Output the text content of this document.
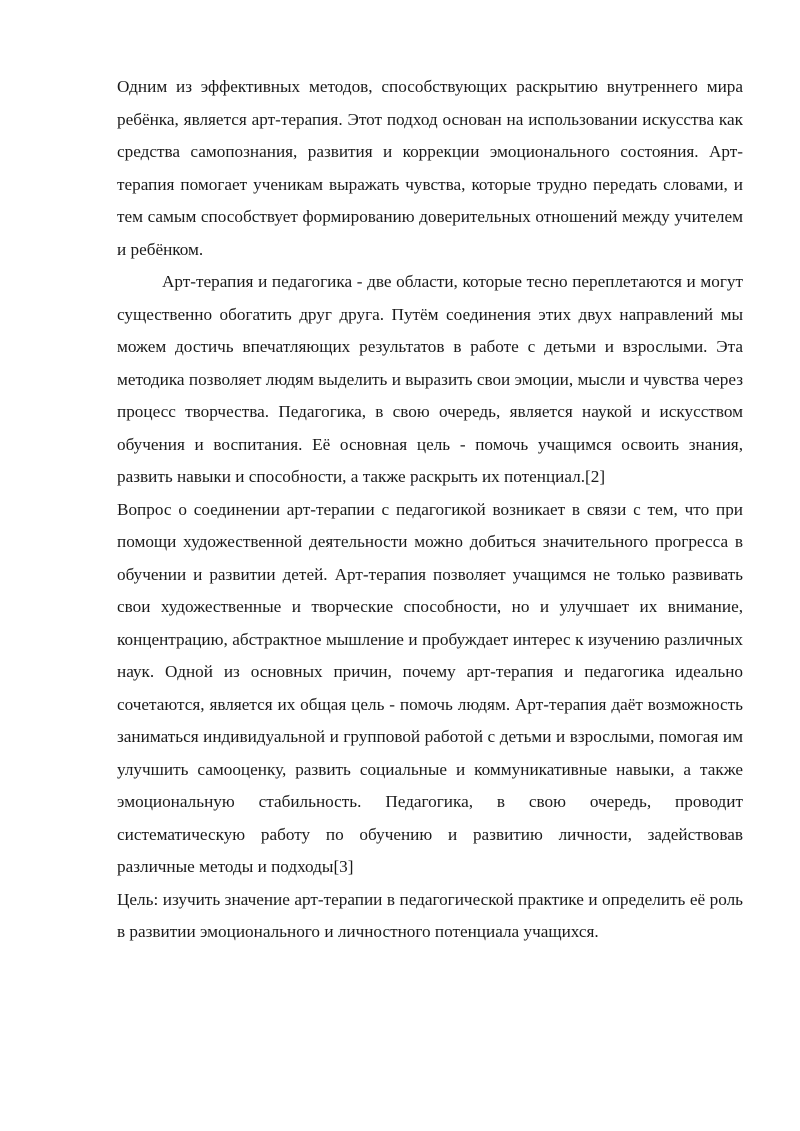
Одним из эффективных методов, способствующих раскрытию внутреннего мира ребёнка, является арт-терапия. Этот подход основан на использовании искусства как средства самопознания, развития и коррекции эмоционального состояния. Арт-терапия помогает ученикам выражать чувства, которые трудно передать словами, и тем самым способствует формированию доверительных отношений между учителем и ребёнком.

Арт-терапия и педагогика - две области, которые тесно переплетаются и могут существенно обогатить друг друга. Путём соединения этих двух направлений мы можем достичь впечатляющих результатов в работе с детьми и взрослыми. Эта методика позволяет людям выделить и выразить свои эмоции, мысли и чувства через процесс творчества. Педагогика, в свою очередь, является наукой и искусством обучения и воспитания. Её основная цель - помочь учащимся освоить знания, развить навыки и способности, а также раскрыть их потенциал.[2]

Вопрос о соединении арт-терапии с педагогикой возникает в связи с тем, что при помощи художественной деятельности можно добиться значительного прогресса в обучении и развитии детей. Арт-терапия позволяет учащимся не только развивать свои художественные и творческие способности, но и улучшает их внимание, концентрацию, абстрактное мышление и пробуждает интерес к изучению различных наук. Одной из основных причин, почему арт-терапия и педагогика идеально сочетаются, является их общая цель - помочь людям. Арт-терапия даёт возможность заниматься индивидуальной и групповой работой с детьми и взрослыми, помогая им улучшить самооценку, развить социальные и коммуникативные навыки, а также эмоциональную стабильность. Педагогика, в свою очередь, проводит систематическую работу по обучению и развитию личности, задействовав различные методы и подходы[3]

Цель: изучить значение арт-терапии в педагогической практике и определить её роль в развитии эмоционального и личностного потенциала учащихся.
